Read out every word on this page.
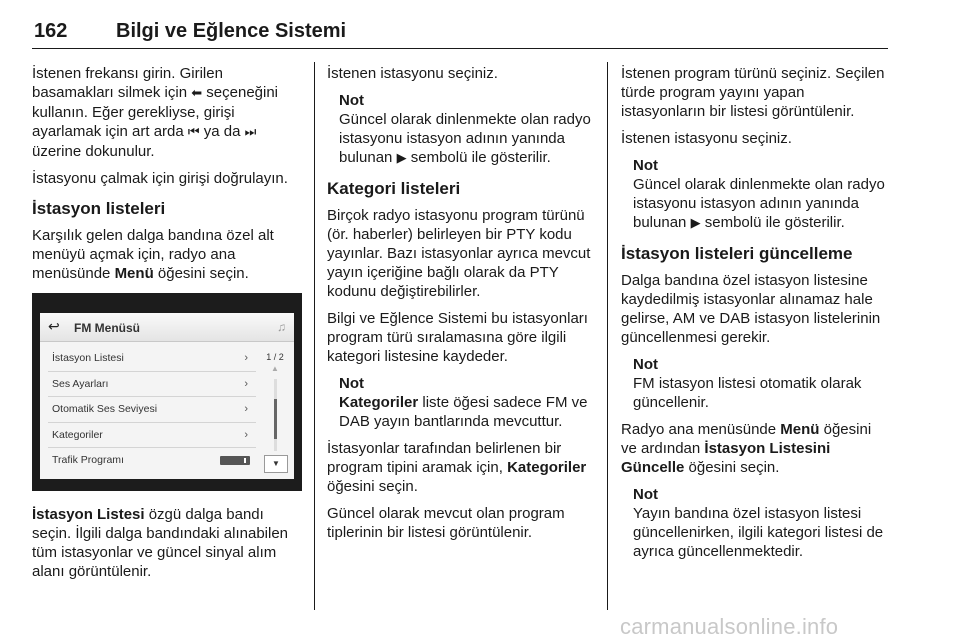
162 Bilgi ve Eğlence Sistemi

İstenen frekansı girin. Girilen basamakları silmek için ⬅ seçeneğini kullanın. Eğer gerekliyse, girişi ayarlamak için art arda ⏮ ya da ⏭ üzerine dokunulur.

İstasyonu çalmak için girişi doğrulayın.

İstasyon listeleri

Karşılık gelen dalga bandına özel alt menüyü açmak için, radyo ana menüsünde Menü öğesini seçin.

↩ FM Menüsü	♫
İstasyon Listesi	›
Ses Ayarları	›
Otomatik Ses Seviyesi	›
Kategoriler	›
Trafik Programı
1 / 2
▲
▼

İstasyon Listesi özgü dalga bandı seçin. İlgili dalga bandındaki alınabilen tüm istasyonlar ve güncel sinyal alım alanı görüntülenir.

İstenen istasyonu seçiniz.

Not
Güncel olarak dinlenmekte olan radyo istasyonu istasyon adının yanında bulunan ▶ sembolü ile gösterilir.
Kategori listeleri

Birçok radyo istasyonu program türünü (ör. haberler) belirleyen bir PTY kodu yayınlar. Bazı istasyonlar ayrıca mevcut yayın içeriğine bağlı olarak da PTY kodunu değiştirebilirler.

Bilgi ve Eğlence Sistemi bu istasyonları program türü sıralamasına göre ilgili kategori listesine kaydeder.

Not
Kategoriler liste öğesi sadece FM ve DAB yayın bantlarında mevcuttur.

İstasyonlar tarafından belirlenen bir program tipini aramak için, Kategoriler öğesini seçin.

Güncel olarak mevcut olan program tiplerinin bir listesi görüntülenir.

İstenen program türünü seçiniz. Seçilen türde program yayını yapan istasyonların bir listesi görüntülenir.

İstenen istasyonu seçiniz.

Not
Güncel olarak dinlenmekte olan radyo istasyonu istasyon adının yanında bulunan ▶ sembolü ile gösterilir.
İstasyon listeleri güncelleme

Dalga bandına özel istasyon listesine kaydedilmiş istasyonlar alınamaz hale gelirse, AM ve DAB istasyon listelerinin güncellenmesi gerekir.

Not
FM istasyon listesi otomatik olarak güncellenir.

Radyo ana menüsünde Menü öğesini ve ardından İstasyon Listesini Güncelle öğesini seçin.

Not
Yayın bandına özel istasyon listesi güncellenirken, ilgili kategori listesi de ayrıca güncellenmektedir.
carmanualsonline.info
